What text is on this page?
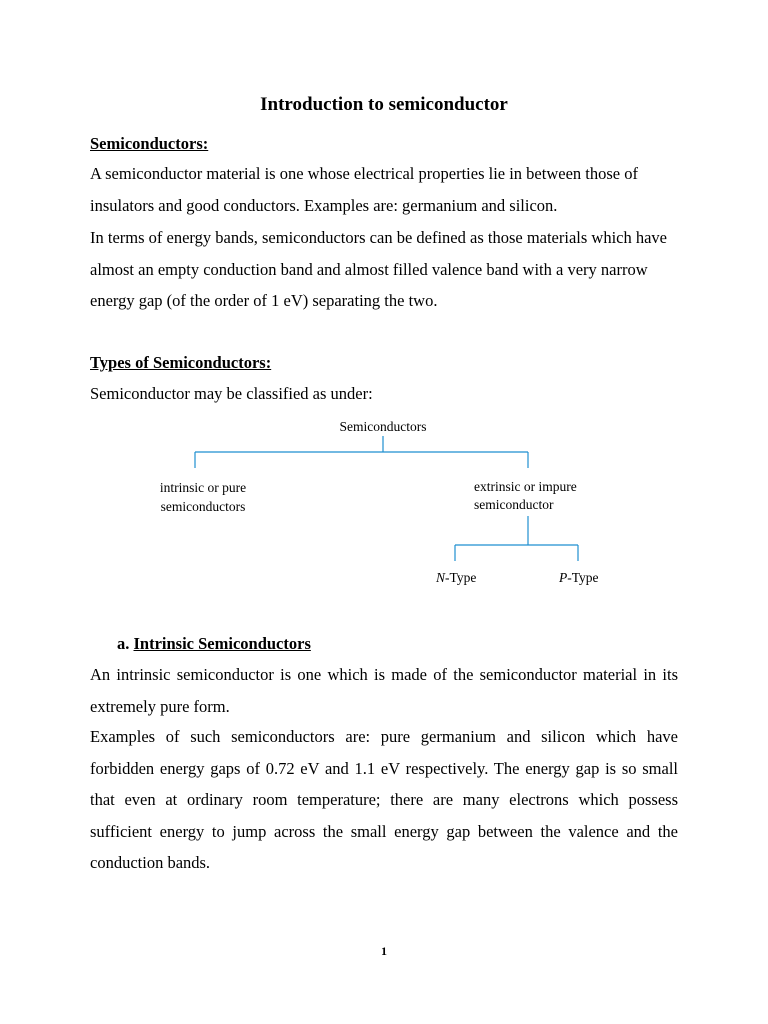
Introduction to semiconductor
Semiconductors:

A semiconductor material is one whose electrical properties lie in between those of insulators and good conductors. Examples are: germanium and silicon.

In terms of energy bands, semiconductors can be defined as those materials which have almost an empty conduction band and almost filled valence band with a very narrow energy gap (of the order of 1 eV) separating the two.

Types of Semiconductors:

Semiconductor may be classified as under:

Semiconductors
intrinsic or pure
semiconductors
extrinsic or impure
semiconductor
N-Type	P-Type
a. Intrinsic Semiconductors

An intrinsic semiconductor is one which is made of the semiconductor material in its extremely pure form.

Examples of such semiconductors are: pure germanium and silicon which have forbidden energy gaps of 0.72 eV and 1.1 eV respectively. The energy gap is so small that even at ordinary room temperature; there are many electrons which possess sufficient energy to jump across the small energy gap between the valence and the conduction bands.

1
